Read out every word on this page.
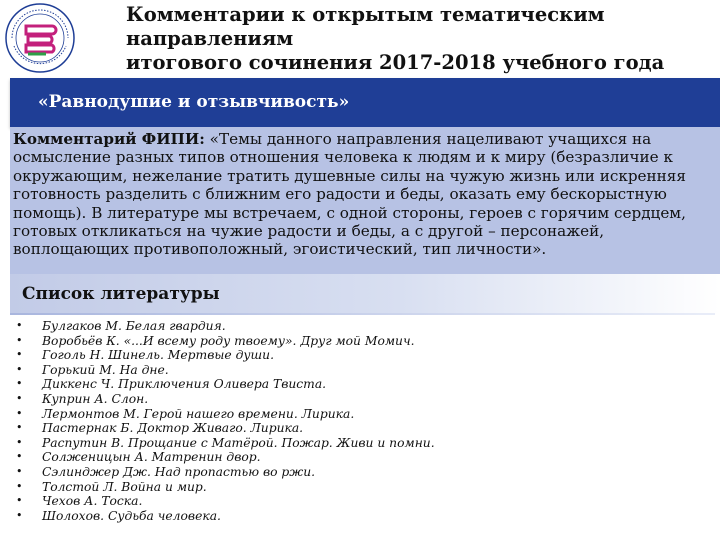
Комментарии к открытым тематическим направлениям
итогового сочинения 2017-2018 учебного года
«Равнодушие и отзывчивость»
Комментарий ФИПИ: «Темы данного направления нацеливают учащихся на осмысление разных типов отношения человека к людям и к миру (безразличие к окружающим, нежелание тратить душевные силы на чужую жизнь или искренняя готовность разделить с ближним его радости и беды, оказать ему бескорыстную помощь). В литературе мы встречаем, с одной стороны, героев с горячим сердцем, готовых откликаться на чужие радости и беды, а с другой – персонажей, воплощающих противоположный, эгоистический, тип личности».
Список литературы
•	Булгаков М. Белая гвардия.
•	Воробьёв К. «...И всему роду твоему». Друг мой Момич.
•	Гоголь Н. Шинель. Мертвые души.
•	Горький М. На дне.
•	Диккенс Ч. Приключения Оливера Твиста.
•	Куприн А. Слон.
•	Лермонтов М. Герой нашего времени. Лирика.
•	Пастернак Б. Доктор Живаго. Лирика.
•	Распутин В. Прощание с Матёрой. Пожар. Живи и помни.
•	Солженицын А. Матренин двор.
•	Сэлинджер Дж. Над пропастью во ржи.
•	Толстой Л. Война и мир.
•	Чехов А. Тоска.
•	Шолохов. Судьба человека.
